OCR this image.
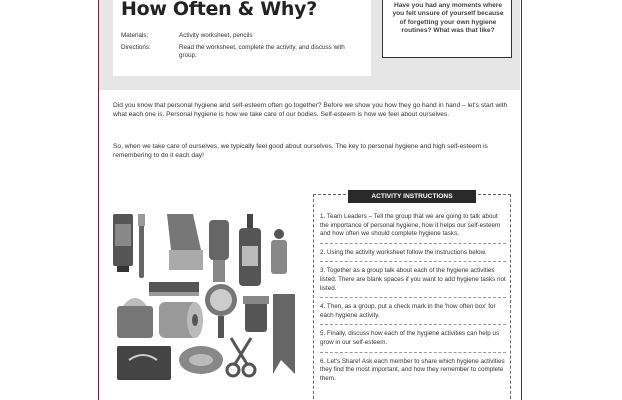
How Often & Why?
Materials:	Activity worksheet, pencils
Directions:	Read the worksheet, complete the activity, and discuss with group.
Have you had any moments where you felt unsure of yourself because of forgetting your own hygiene routines? What was that like?

Did you know that personal hygiene and self-esteem often go together? Before we show you how they go hand in hand – let's start with what each one is. Personal hygiene is how we take care of our bodies. Self-esteem is how we feel about ourselves.

So, when we take care of ourselves, we typically feel good about ourselves. The key to personal hygiene and high self-esteem is remembering to do it each day!

ACTIVITY INSTRUCTIONS
1. Team Leaders – Tell the group that we are going to talk about the importance of personal hygiene, how it helps our self-esteem and how often we should complete hygiene tasks.
2. Using the activity worksheet follow the instructions below.
3. Together as a group talk about each of the hygiene activities listed. There are blank spaces if you want to add hygiene tasks not listed.
4. Then, as a group, put a check mark in the 'how often box' for each hygiene activity.
5. Finally, discuss how each of the hygiene activities can help us grow in our self-esteem.
6. Let's Share! Ask each member to share which hygiene activities they find the most important, and how they remember to complete them.
